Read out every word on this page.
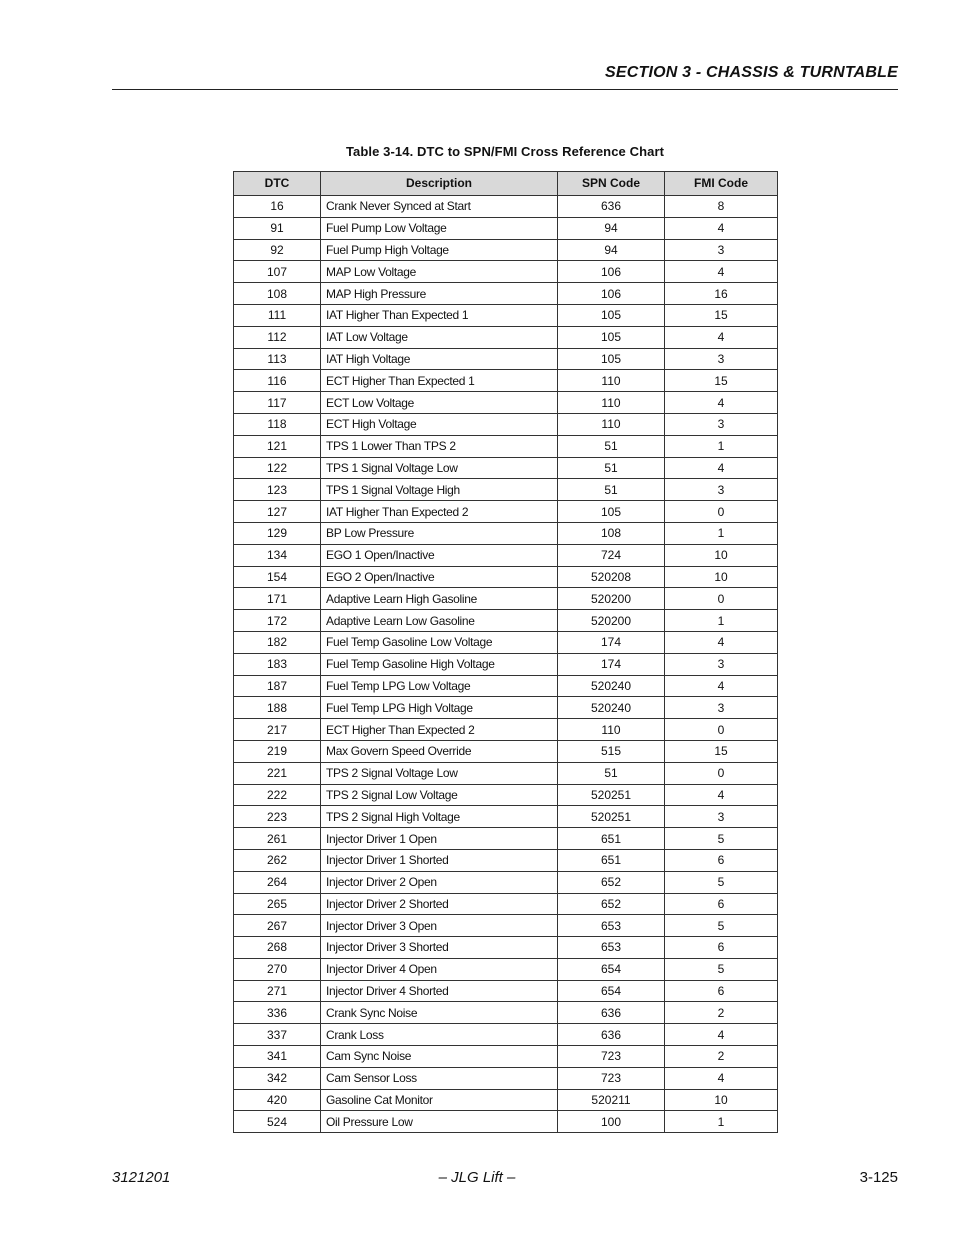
SECTION 3 - CHASSIS & TURNTABLE
Table 3-14. DTC to SPN/FMI Cross Reference Chart
DTC	Description	SPN Code	FMI Code
16	Crank Never Synced at Start	636	8
91	Fuel Pump Low Voltage	94	4
92	Fuel Pump High Voltage	94	3
107	MAP Low Voltage	106	4
108	MAP High Pressure	106	16
111	IAT Higher Than Expected 1	105	15
112	IAT Low Voltage	105	4
113	IAT High Voltage	105	3
116	ECT Higher Than Expected 1	110	15
117	ECT Low Voltage	110	4
118	ECT High Voltage	110	3
121	TPS 1 Lower Than TPS 2	51	1
122	TPS 1 Signal Voltage Low	51	4
123	TPS 1 Signal Voltage High	51	3
127	IAT Higher Than Expected 2	105	0
129	BP Low Pressure	108	1
134	EGO 1 Open/Inactive	724	10
154	EGO 2 Open/Inactive	520208	10
171	Adaptive Learn High Gasoline	520200	0
172	Adaptive Learn Low Gasoline	520200	1
182	Fuel Temp Gasoline Low Voltage	174	4
183	Fuel Temp Gasoline High Voltage	174	3
187	Fuel Temp LPG Low Voltage	520240	4
188	Fuel Temp LPG High Voltage	520240	3
217	ECT Higher Than Expected 2	110	0
219	Max Govern Speed Override	515	15
221	TPS 2 Signal Voltage Low	51	0
222	TPS 2 Signal Low Voltage	520251	4
223	TPS 2 Signal High Voltage	520251	3
261	Injector Driver 1 Open	651	5
262	Injector Driver 1 Shorted	651	6
264	Injector Driver 2 Open	652	5
265	Injector Driver 2 Shorted	652	6
267	Injector Driver 3 Open	653	5
268	Injector Driver 3 Shorted	653	6
270	Injector Driver 4 Open	654	5
271	Injector Driver 4 Shorted	654	6
336	Crank Sync Noise	636	2
337	Crank Loss	636	4
341	Cam Sync Noise	723	2
342	Cam Sensor Loss	723	4
420	Gasoline Cat Monitor	520211	10
524	Oil Pressure Low	100	1
3121201	– JLG Lift –	3-125
